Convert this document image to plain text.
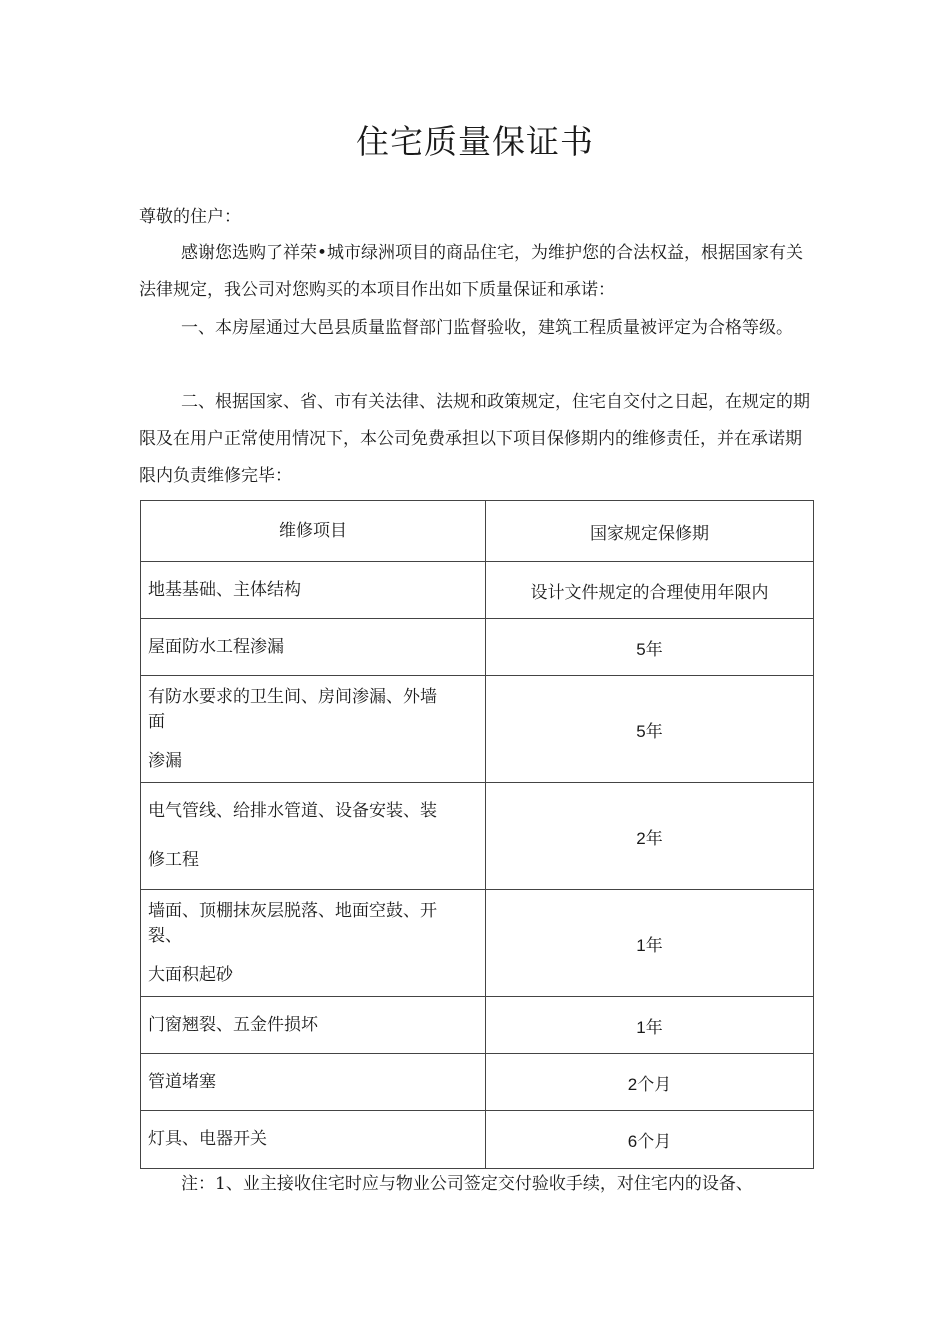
住宅质量保证书

尊敬的住户：

感谢您选购了祥荣•城市绿洲项目的商品住宅，为维护您的合法权益，根据国家有关法律规定，我公司对您购买的本项目作出如下质量保证和承诺：

一、本房屋通过大邑县质量监督部门监督验收，建筑工程质量被评定为合格等级。

二、根据国家、省、市有关法律、法规和政策规定，住宅自交付之日起，在规定的期限及在用户正常使用情况下，本公司免费承担以下项目保修期内的维修责任，并在承诺期限内负责维修完毕：

维修项目	国家规定保修期

地基基础、主体结构	设计文件规定的合理使用年限内

屋面防水工程渗漏	5年

有防水要求的卫生间、房间渗漏、外墙面
渗漏	5年

电气管线、给排水管道、设备安装、装
修工程	2年

墙面、顶棚抹灰层脱落、地面空鼓、开裂、
大面积起砂	1年

门窗翘裂、五金件损坏	1年

管道堵塞	2个月

灯具、电器开关	6个月

注：1、业主接收住宅时应与物业公司签定交付验收手续，对住宅内的设备、
